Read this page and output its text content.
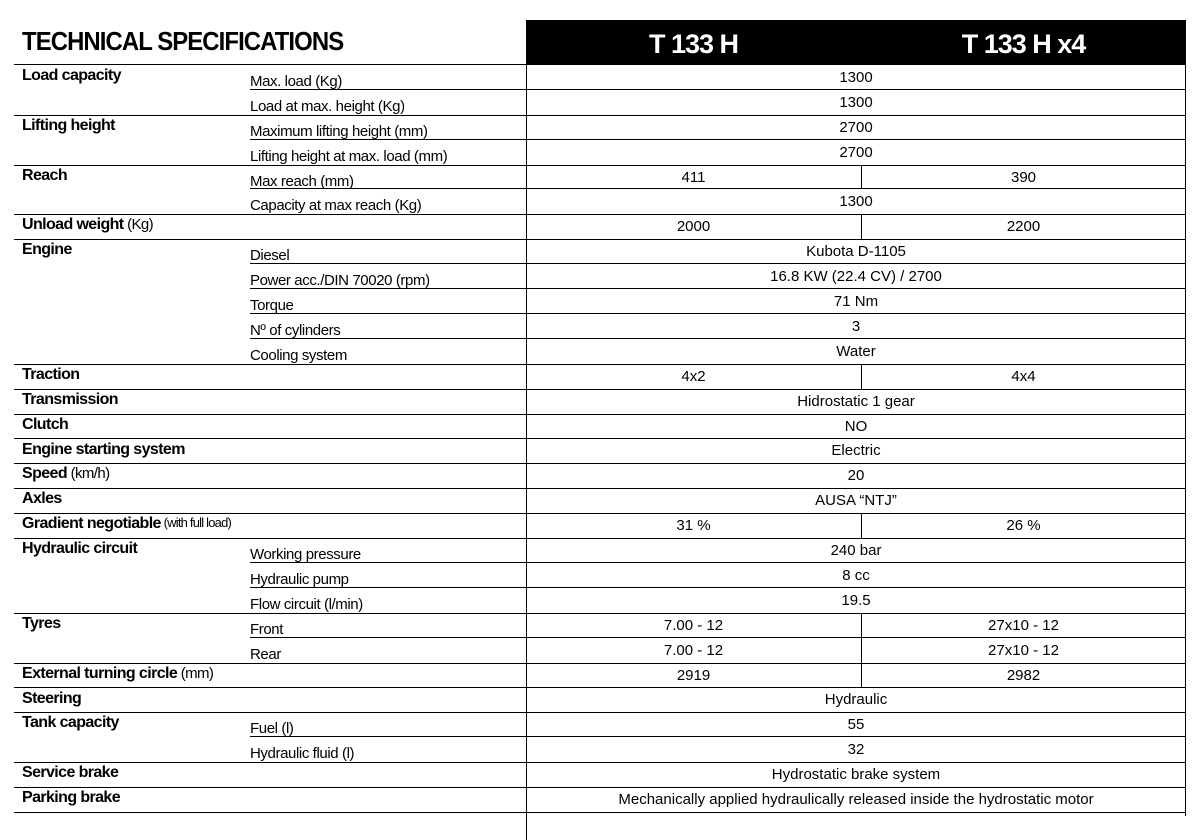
TECHNICAL SPECIFICATIONS	T 133 H	T 133 H x4
Load capacity	Max. load (Kg)	1300
Load at max. height (Kg)	1300
Lifting height	Maximum lifting height (mm)	2700
Lifting height at max. load (mm)	2700
Reach	Max reach (mm)	411	390
Capacity at max reach (Kg)	1300
Unload weight (Kg)	2000	2200
Engine	Diesel	Kubota D-1105
Power acc./DIN 70020 (rpm)	16.8 KW (22.4 CV) / 2700
Torque	71 Nm
Nº of cylinders	3
Cooling system	Water
Traction	4x2	4x4
Transmission	Hidrostatic 1 gear
Clutch	NO
Engine starting system	Electric
Speed (km/h)	20
Axles	AUSA “NTJ”
Gradient negotiable (with full load)	31 %	26 %
Hydraulic circuit	Working pressure	240 bar
Hydraulic pump	8 cc
Flow circuit (l/min)	19.5
Tyres	Front	7.00 - 12	27x10 - 12
Rear	7.00 - 12	27x10 - 12
External turning circle (mm)	2919	2982
Steering	Hydraulic
Tank capacity	Fuel (l)	55
Hydraulic fluid (l)	32
Service brake	Hydrostatic brake system
Parking brake	Mechanically applied hydraulically released inside the hydrostatic motor
